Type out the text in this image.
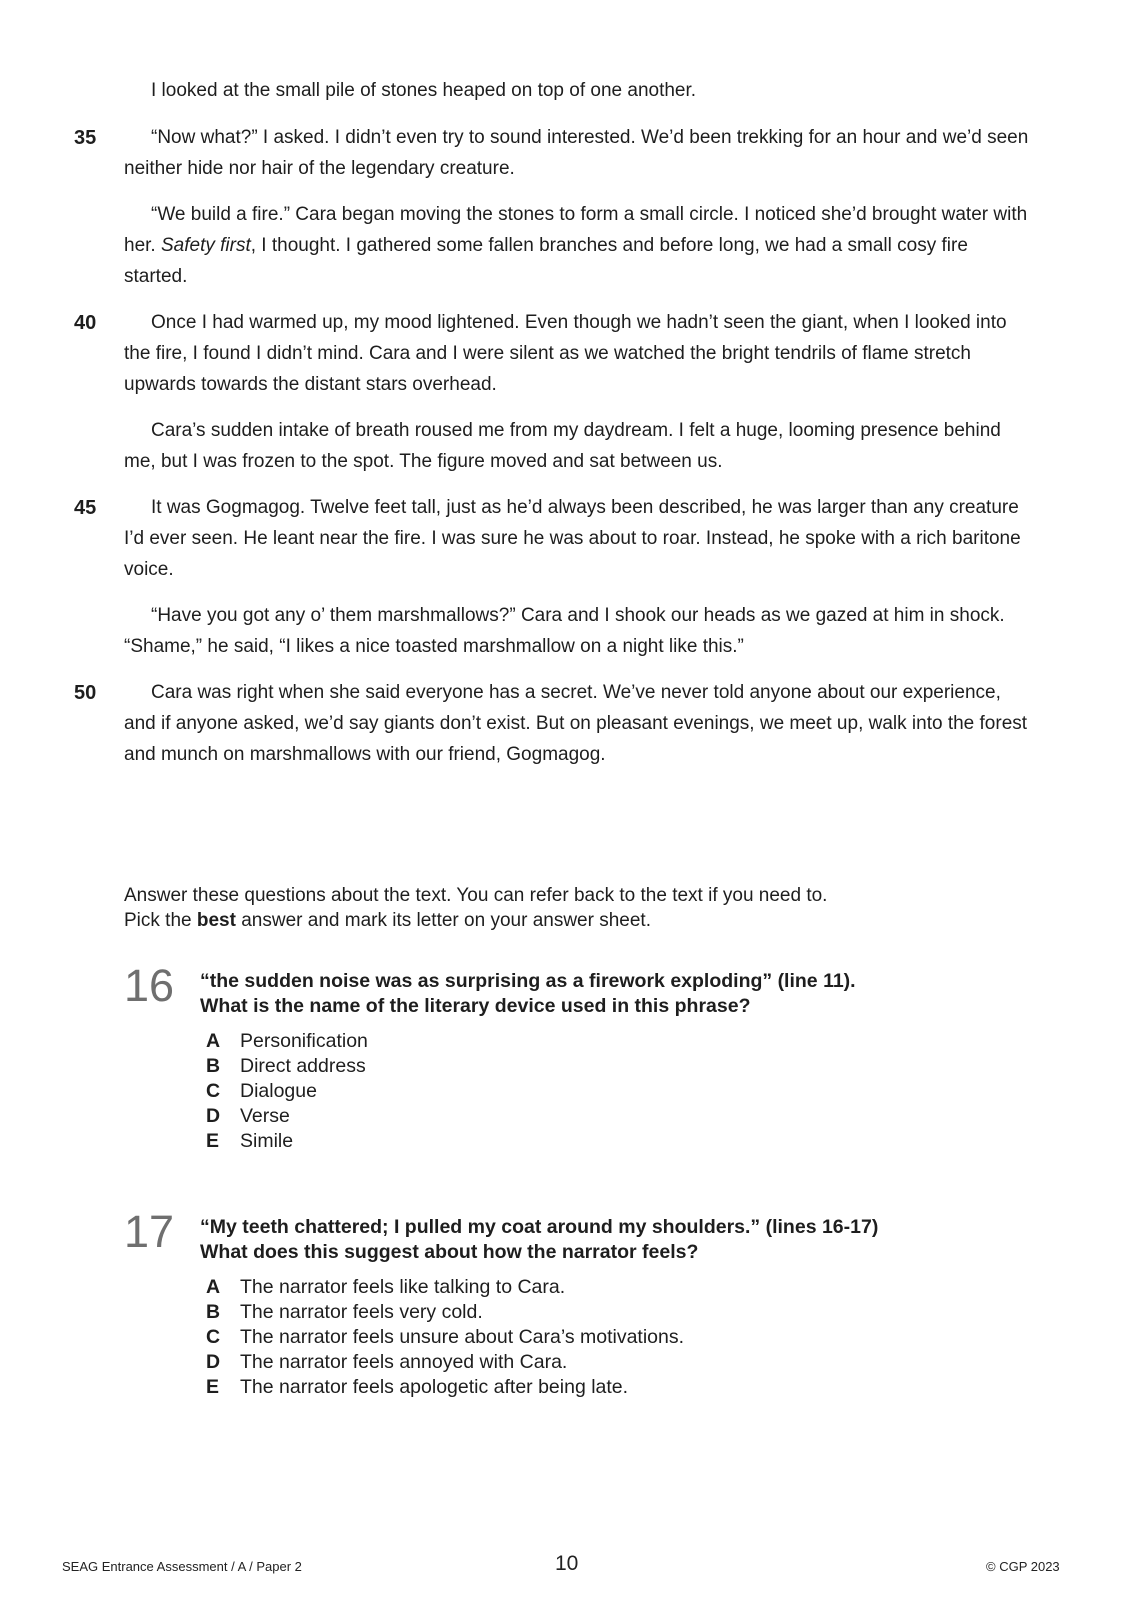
I looked at the small pile of stones heaped on top of one another.

35	“Now what?” I asked. I didn’t even try to sound interested. We’d been trekking for an hour and we’d seen neither hide nor hair of the legendary creature.

“We build a fire.” Cara began moving the stones to form a small circle. I noticed she’d brought water with her. Safety first, I thought. I gathered some fallen branches and before long, we had a small cosy fire started.

40	Once I had warmed up, my mood lightened. Even though we hadn’t seen the giant, when I looked into the fire, I found I didn’t mind. Cara and I were silent as we watched the bright tendrils of flame stretch upwards towards the distant stars overhead.

Cara’s sudden intake of breath roused me from my daydream. I felt a huge, looming presence behind me, but I was frozen to the spot. The figure moved and sat between us.

45	It was Gogmagog. Twelve feet tall, just as he’d always been described, he was larger than any creature I’d ever seen. He leant near the fire. I was sure he was about to roar. Instead, he spoke with a rich baritone voice.

“Have you got any o’ them marshmallows?” Cara and I shook our heads as we gazed at him in shock. “Shame,” he said, “I likes a nice toasted marshmallow on a night like this.”

50	Cara was right when she said everyone has a secret. We’ve never told anyone about our experience, and if anyone asked, we’d say giants don’t exist. But on pleasant evenings, we meet up, walk into the forest and munch on marshmallows with our friend, Gogmagog.

Answer these questions about the text. You can refer back to the text if you need to.

Pick the best answer and mark its letter on your answer sheet.

16 “the sudden noise was as surprising as a firework exploding” (line 11).
What is the name of the literary device used in this phrase?

A Personification
B Direct address
C Dialogue
D Verse
E Simile
17 “My teeth chattered; I pulled my coat around my shoulders.” (lines 16-17)
What does this suggest about how the narrator feels?

A The narrator feels like talking to Cara.
B The narrator feels very cold.
C The narrator feels unsure about Cara’s motivations.
D The narrator feels annoyed with Cara.
E The narrator feels apologetic after being late.
SEAG Entrance Assessment / A / Paper 2	10	© CGP 2023
